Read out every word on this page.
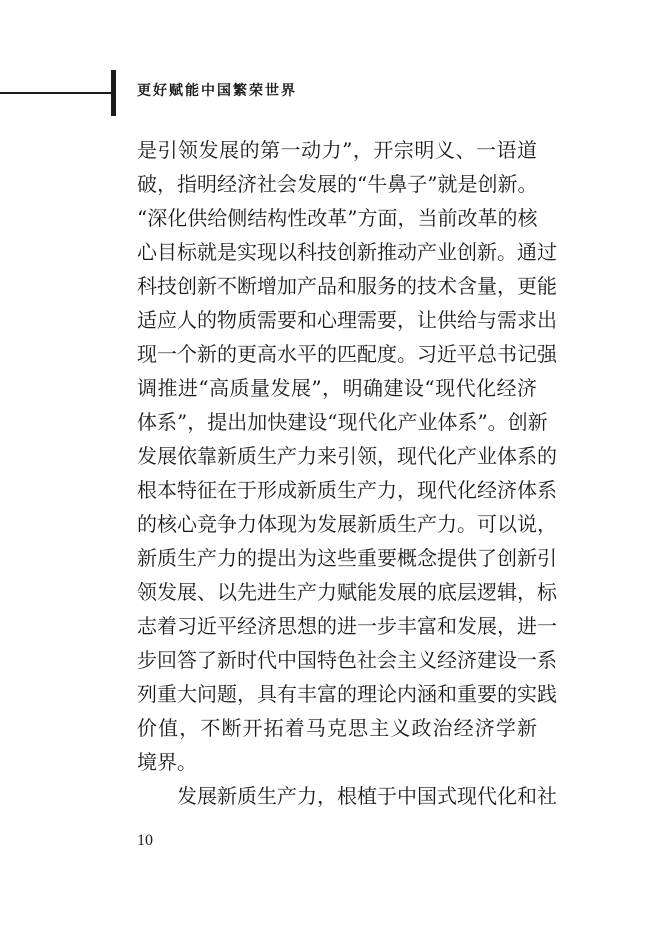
更好赋能中国繁荣世界
是引领发展的第一动力”，开宗明义、一语道
破，指明经济社会发展的“牛鼻子”就是创新。
“深化供给侧结构性改革”方面，当前改革的核
心目标就是实现以科技创新推动产业创新。通过
科技创新不断增加产品和服务的技术含量，更能
适应人的物质需要和心理需要，让供给与需求出
现一个新的更高水平的匹配度。习近平总书记强
调推进“高质量发展”，明确建设“现代化经济
体系”，提出加快建设“现代化产业体系”。创新
发展依靠新质生产力来引领，现代化产业体系的
根本特征在于形成新质生产力，现代化经济体系
的核心竞争力体现为发展新质生产力。可以说，
新质生产力的提出为这些重要概念提供了创新引
领发展、以先进生产力赋能发展的底层逻辑，标
志着习近平经济思想的进一步丰富和发展，进一
步回答了新时代中国特色社会主义经济建设一系
列重大问题，具有丰富的理论内涵和重要的实践
价值，不断开拓着马克思主义政治经济学新
境界。
发展新质生产力，根植于中国式现代化和社
10
